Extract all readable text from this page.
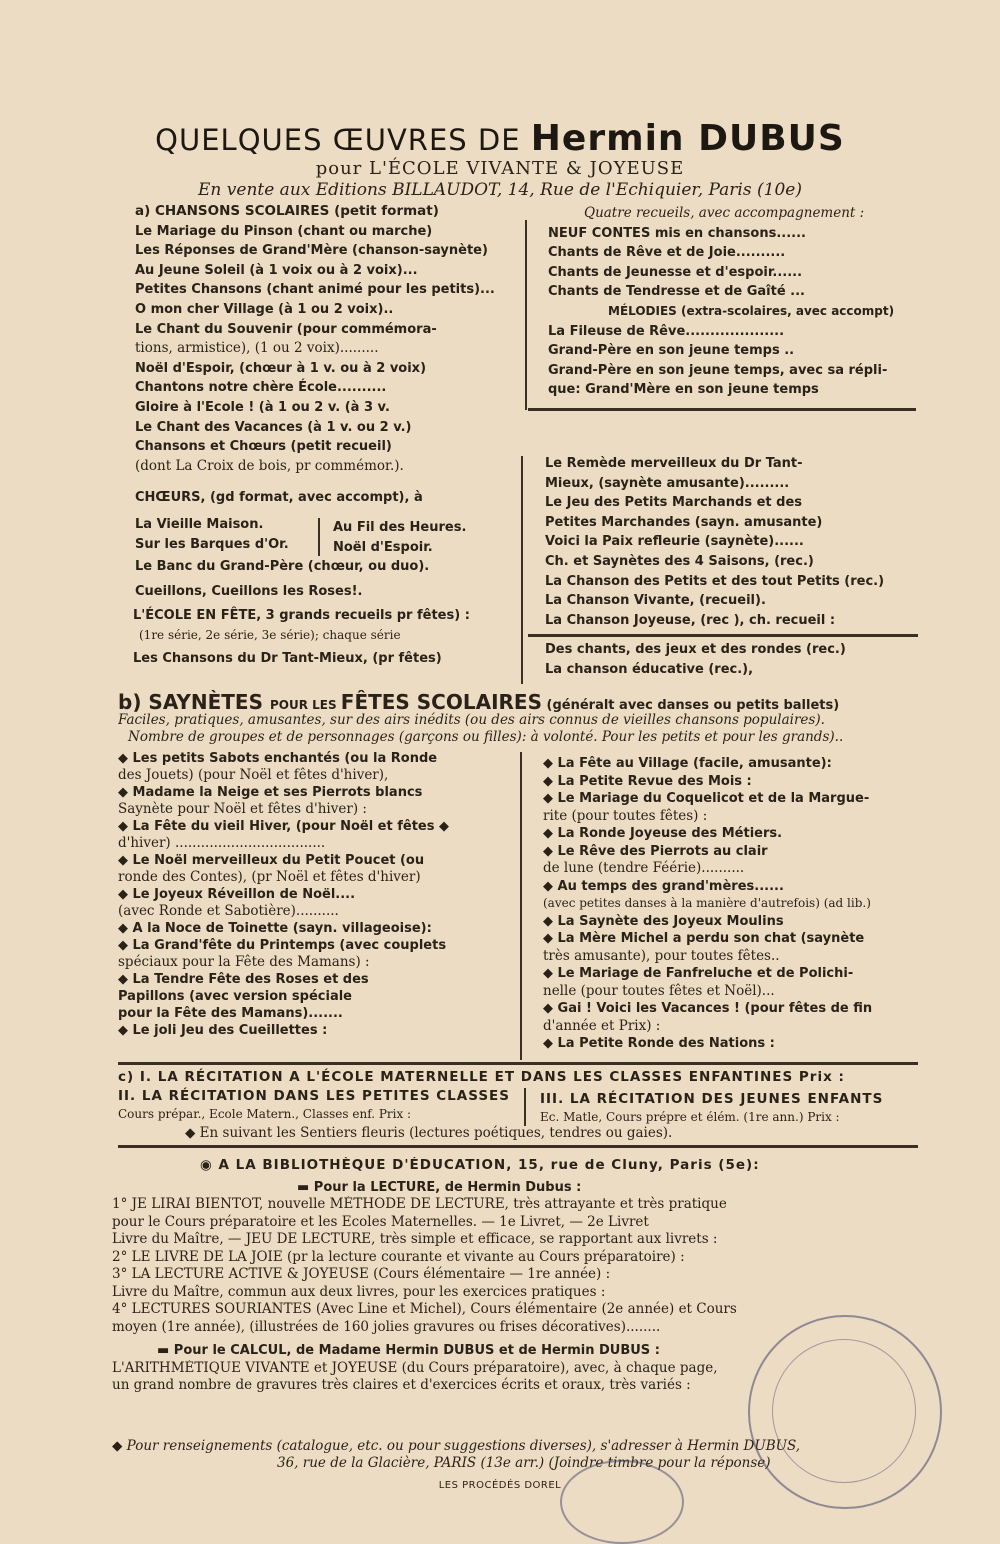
QUELQUES ŒUVRES DE Hermin DUBUS
pour L'ÉCOLE VIVANTE & JOYEUSE
En vente aux Editions BILLAUDOT, 14, Rue de l'Echiquier, Paris (10e)
a) CHANSONS SCOLAIRES (petit format)
Le Mariage du Pinson (chant ou marche)
Les Réponses de Grand'Mère (chanson-saynète)
Au Jeune Soleil (à 1 voix ou à 2 voix)...
Petites Chansons (chant animé pour les petits)...
O mon cher Village (à 1 ou 2 voix)..
Le Chant du Souvenir (pour commémora-
tions, armistice), (1 ou 2 voix).........
Noël d'Espoir, (chœur à 1 v. ou à 2 voix)
Chantons notre chère École..........
Gloire à l'Ecole ! (à 1 ou 2 v. (à 3 v.
Le Chant des Vacances (à 1 v. ou 2 v.)
Chansons et Chœurs (petit recueil)
(dont La Croix de bois, pr commémor.).
Quatre recueils, avec accompagnement :
NEUF CONTES mis en chansons......
Chants de Rêve et de Joie..........
Chants de Jeunesse et d'espoir......
Chants de Tendresse et de Gaîté ...
MÉLODIES (extra-scolaires, avec accompt)
La Fileuse de Rêve....................
Grand-Père en son jeune temps ..
Grand-Père en son jeune temps, avec sa répli-
que: Grand'Mère en son jeune temps
CHŒURS, (gd format, avec accompt), à
La Vieille Maison.
Sur les Barques d'Or.
Au Fil des Heures.
Noël d'Espoir.
Le Banc du Grand-Père (chœur, ou duo).
Cueillons, Cueillons les Roses!.
L'ÉCOLE EN FÊTE, 3 grands recueils pr fêtes) :
(1re série, 2e série, 3e série); chaque série
Les Chansons du Dr Tant-Mieux, (pr fêtes)
Le Remède merveilleux du Dr Tant-
Mieux, (saynète amusante).........
Le Jeu des Petits Marchands et des
Petites Marchandes (sayn. amusante)
Voici la Paix refleurie (saynète)......
Ch. et Saynètes des 4 Saisons, (rec.)
La Chanson des Petits et des tout Petits (rec.)
La Chanson Vivante, (recueil).
La Chanson Joyeuse, (rec ), ch. recueil :
Des chants, des jeux et des rondes (rec.)
La chanson éducative (rec.),
b) SAYNÈTES POUR LES FÊTES SCOLAIRES (généralt avec danses ou petits ballets)
Faciles, pratiques, amusantes, sur des airs inédits (ou des airs connus de vieilles chansons populaires).
Nombre de groupes et de personnages (garçons ou filles): à volonté. Pour les petits et pour les grands)..
◆ Les petits Sabots enchantés (ou la Ronde
des Jouets) (pour Noël et fêtes d'hiver),
◆ Madame la Neige et ses Pierrots blancs
Saynète pour Noël et fêtes d'hiver) :
◆ La Fête du vieil Hiver, (pour Noël et fêtes ◆
d'hiver) ...................................
◆ Le Noël merveilleux du Petit Poucet (ou
ronde des Contes), (pr Noël et fêtes d'hiver)
◆ Le Joyeux Réveillon de Noël....
(avec Ronde et Sabotière)..........
◆ A la Noce de Toinette (sayn. villageoise):
◆ La Grand'fête du Printemps (avec couplets
spéciaux pour la Fête des Mamans) :
◆ La Tendre Fête des Roses et des
Papillons (avec version spéciale
pour la Fête des Mamans).......
◆ Le joli Jeu des Cueillettes :
◆ La Fête au Village (facile, amusante):
◆ La Petite Revue des Mois :
◆ Le Mariage du Coquelicot et de la Margue-
rite (pour toutes fêtes) :
◆ La Ronde Joyeuse des Métiers.
◆ Le Rêve des Pierrots au clair
de lune (tendre Féérie)..........
◆ Au temps des grand'mères......
(avec petites danses à la manière d'autrefois) (ad lib.)
◆ La Saynète des Joyeux Moulins
◆ La Mère Michel a perdu son chat (saynète
très amusante), pour toutes fêtes..
◆ Le Mariage de Fanfreluche et de Polichi-
nelle (pour toutes fêtes et Noël)...
◆ Gai ! Voici les Vacances ! (pour fêtes de fin
d'année et Prix) :
◆ La Petite Ronde des Nations :
c) I. LA RÉCITATION A L'ÉCOLE MATERNELLE ET DANS LES CLASSES ENFANTINES Prix :
II. LA RÉCITATION DANS LES PETITES CLASSES
Cours prépar., Ecole Matern., Classes enf. Prix :
III. LA RÉCITATION DES JEUNES ENFANTS
Ec. Matle, Cours prépre et élém. (1re ann.) Prix :
◆ En suivant les Sentiers fleuris (lectures poétiques, tendres ou gaies).
◉ A LA BIBLIOTHÈQUE D'ÉDUCATION, 15, rue de Cluny, Paris (5e):
▬ Pour la LECTURE, de Hermin Dubus :
1° JE LIRAI BIENTOT, nouvelle MÉTHODE DE LECTURE, très attrayante et très pratique
pour le Cours préparatoire et les Ecoles Maternelles. — 1e Livret, — 2e Livret
Livre du Maître, — JEU DE LECTURE, très simple et efficace, se rapportant aux livrets :
2° LE LIVRE DE LA JOIE (pr la lecture courante et vivante au Cours préparatoire) :
3° LA LECTURE ACTIVE & JOYEUSE (Cours élémentaire — 1re année) :
Livre du Maître, commun aux deux livres, pour les exercices pratiques :
4° LECTURES SOURIANTES (Avec Line et Michel), Cours élémentaire (2e année) et Cours
moyen (1re année), (illustrées de 160 jolies gravures ou frises décoratives)........
▬ Pour le CALCUL, de Madame Hermin DUBUS et de Hermin DUBUS :
L'ARITHMÉTIQUE VIVANTE et JOYEUSE (du Cours préparatoire), avec, à chaque page,
un grand nombre de gravures très claires et d'exercices écrits et oraux, très variés :
◆ Pour renseignements (catalogue, etc. ou pour suggestions diverses), s'adresser à Hermin DUBUS,
36, rue de la Glacière, PARIS (13e arr.) (Joindre timbre pour la réponse)
LES PROCÉDÉS DOREL
